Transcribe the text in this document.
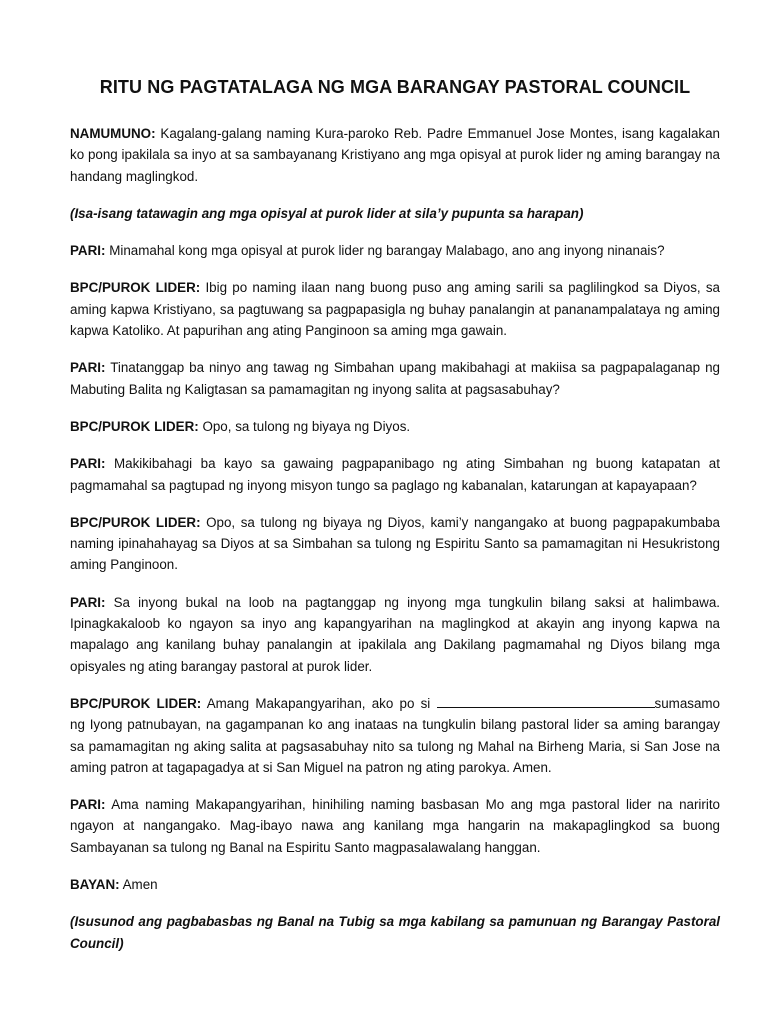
RITU NG PAGTATALAGA NG MGA BARANGAY PASTORAL COUNCIL

NAMUMUNO: Kagalang-galang naming Kura-paroko Reb. Padre Emmanuel Jose Montes, isang kagalakan ko pong ipakilala sa inyo at sa sambayanang Kristiyano ang mga opisyal at purok lider ng aming barangay na handang maglingkod.

(Isa-isang tatawagin ang mga opisyal at purok lider at sila’y pupunta sa harapan)

PARI: Minamahal kong mga opisyal at purok lider ng barangay Malabago, ano ang inyong ninanais?

BPC/PUROK LIDER: Ibig po naming ilaan nang buong puso ang aming sarili sa paglilingkod sa Diyos, sa aming kapwa Kristiyano, sa pagtuwang sa pagpapasigla ng buhay panalangin at pananampalataya ng aming kapwa Katoliko. At papurihan ang ating Panginoon sa aming mga gawain.

PARI: Tinatanggap ba ninyo ang tawag ng Simbahan upang makibahagi at makiisa sa pagpapalaganap ng Mabuting Balita ng Kaligtasan sa pamamagitan ng inyong salita at pagsasabuhay?

BPC/PUROK LIDER: Opo, sa tulong ng biyaya ng Diyos.

PARI: Makikibahagi ba kayo sa gawaing pagpapanibago ng ating Simbahan ng buong katapatan at pagmamahal sa pagtupad ng inyong misyon tungo sa paglago ng kabanalan, katarungan at kapayapaan?

BPC/PUROK LIDER: Opo, sa tulong ng biyaya ng Diyos, kami’y nangangako at buong pagpapakumbaba naming ipinahahayag sa Diyos at sa Simbahan sa tulong ng Espiritu Santo sa pamamagitan ni Hesukristong aming Panginoon.

PARI: Sa inyong bukal na loob na pagtanggap ng inyong mga tungkulin bilang saksi at halimbawa. Ipinagkakaloob ko ngayon sa inyo ang kapangyarihan na maglingkod at akayin ang inyong kapwa na mapalago ang kanilang buhay panalangin at ipakilala ang Dakilang pagmamahal ng Diyos bilang mga opisyales ng ating barangay pastoral at purok lider.

BPC/PUROK LIDER: Amang Makapangyarihan, ako po si	sumasamo ng Iyong patnubayan, na gagampanan ko ang inataas na tungkulin bilang pastoral lider sa aming barangay sa pamamagitan ng aking salita at pagsasabuhay nito sa tulong ng Mahal na Birheng Maria, si San Jose na aming patron at tagapagadya at si San Miguel na patron ng ating parokya. Amen.

PARI: Ama naming Makapangyarihan, hinihiling naming basbasan Mo ang mga pastoral lider na naririto ngayon at nangangako. Mag-ibayo nawa ang kanilang mga hangarin na makapaglingkod sa buong Sambayanan sa tulong ng Banal na Espiritu Santo magpasalawalang hanggan.

BAYAN: Amen

(Isusunod ang pagbabasbas ng Banal na Tubig sa mga kabilang sa pamunuan ng Barangay Pastoral Council)
